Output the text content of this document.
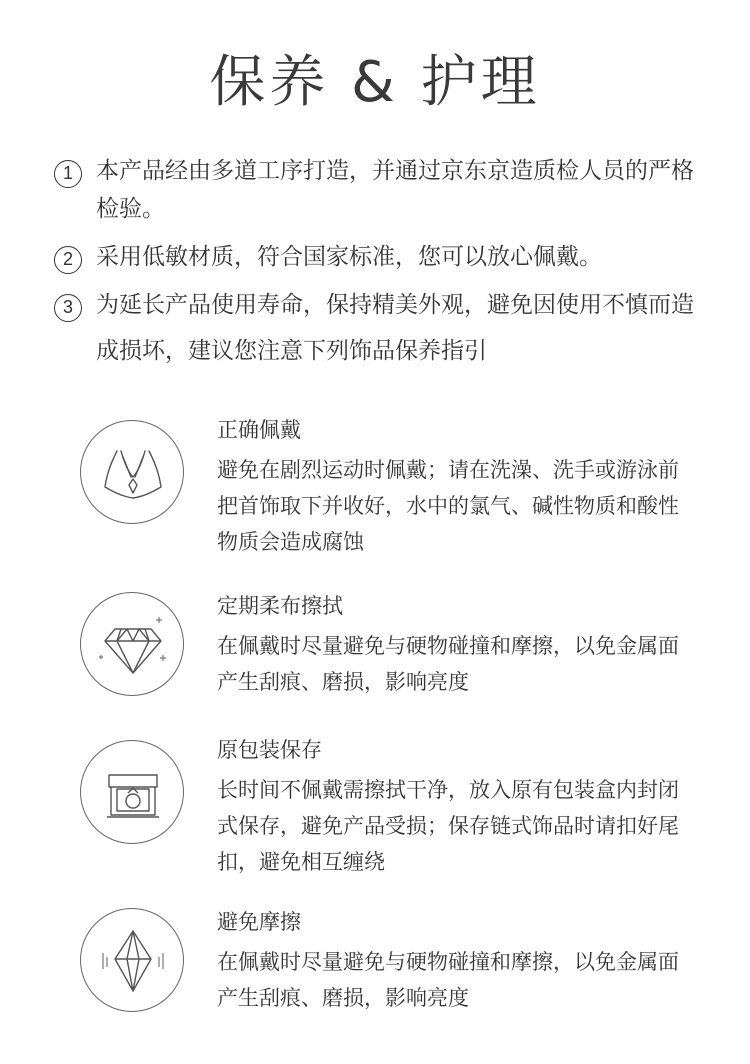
保养 & 护理
1	本产品经由多道工序打造，并通过京东京造质检人员的严格检验。
2	采用低敏材质，符合国家标准，您可以放心佩戴。
3	为延长产品使用寿命，保持精美外观，避免因使用不慎而造成损坏，建议您注意下列饰品保养指引
正确佩戴
避免在剧烈运动时佩戴；请在洗澡、洗手或游泳前把首饰取下并收好，水中的氯气、碱性物质和酸性物质会造成腐蚀
定期柔布擦拭
在佩戴时尽量避免与硬物碰撞和摩擦，以免金属面产生刮痕、磨损，影响亮度
原包装保存
长时间不佩戴需擦拭干净，放入原有包装盒内封闭式保存，避免产品受损；保存链式饰品时请扣好尾扣，避免相互缠绕
避免摩擦
在佩戴时尽量避免与硬物碰撞和摩擦，以免金属面产生刮痕、磨损，影响亮度
